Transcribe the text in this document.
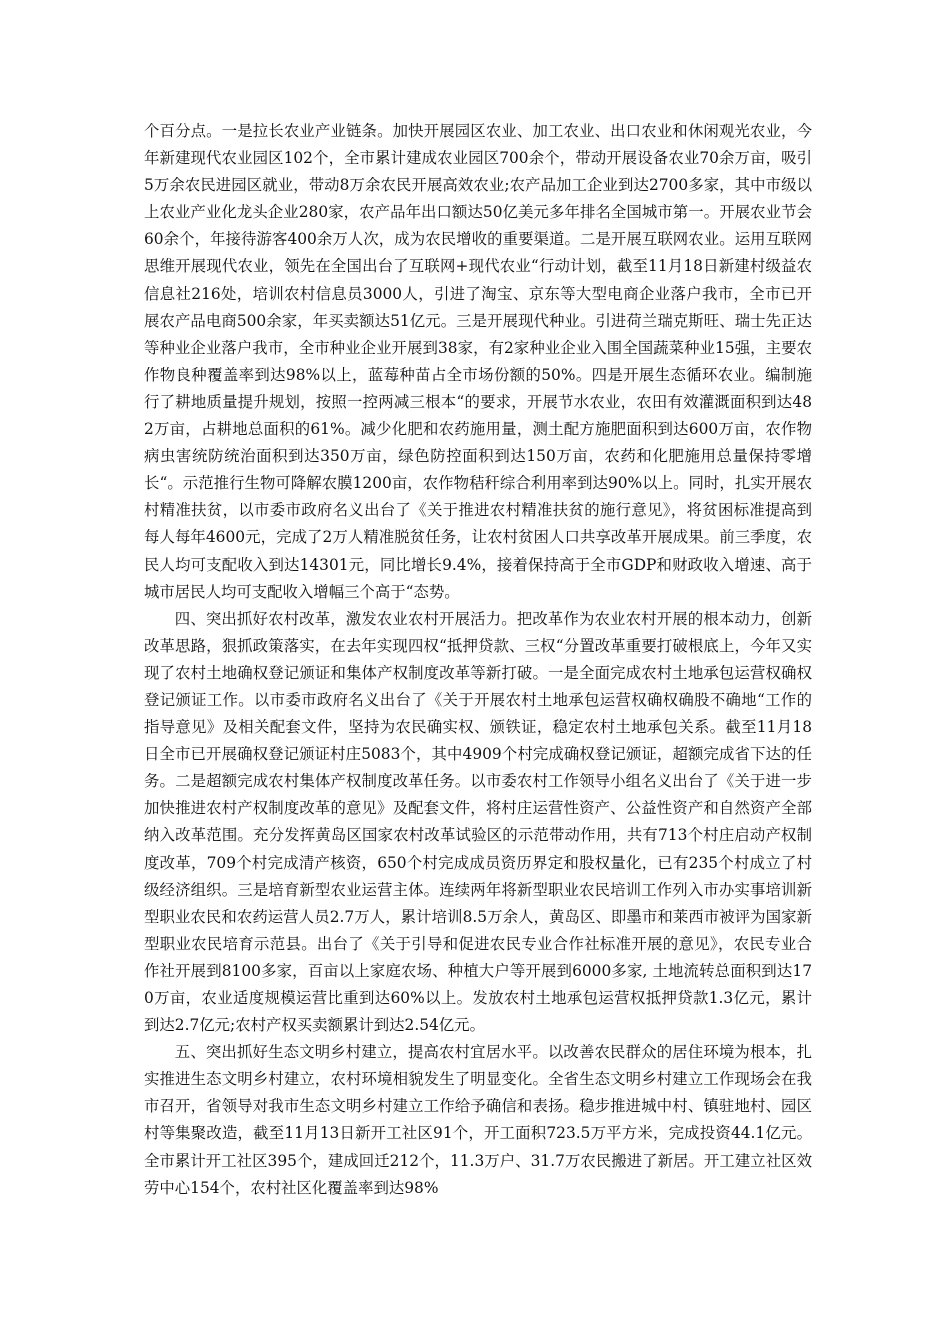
个百分点。一是拉长农业产业链条。加快开展园区农业、加工农业、出口农业和休闲观光农业，今年新建现代农业园区102个，全市累计建成农业园区700余个，带动开展设备农业70余万亩，吸引5万余农民进园区就业，带动8万余农民开展高效农业;农产品加工企业到达2700多家，其中市级以上农业产业化龙头企业280家，农产品年出口额达50亿美元多年排名全国城市第一。开展农业节会60余个，年接待游客400余万人次，成为农民增收的重要渠道。二是开展互联网农业。运用互联网思维开展现代农业，领先在全国出台了互联网+现代农业“行动计划，截至11月18日新建村级益农信息社216处，培训农村信息员3000人，引进了淘宝、京东等大型电商企业落户我市，全市已开展农产品电商500余家，年买卖额达51亿元。三是开展现代种业。引进荷兰瑞克斯旺、瑞士先正达等种业企业落户我市，全市种业企业开展到38家，有2家种业企业入围全国蔬菜种业15强，主要农作物良种覆盖率到达98%以上，蓝莓种苗占全市场份额的50%。四是开展生态循环农业。编制施行了耕地质量提升规划，按照一控两减三根本“的要求，开展节水农业，农田有效灌溉面积到达482万亩，占耕地总面积的61%。减少化肥和农药施用量，测土配方施肥面积到达600万亩，农作物病虫害统防统治面积到达350万亩，绿色防控面积到达150万亩，农药和化肥施用总量保持零增长“。示范推行生物可降解农膜1200亩，农作物秸秆综合利用率到达90%以上。同时，扎实开展农村精准扶贫，以市委市政府名义出台了《关于推进农村精准扶贫的施行意见》，将贫困标准提高到每人每年4600元，完成了2万人精准脱贫任务，让农村贫困人口共享改革开展成果。前三季度，农民人均可支配收入到达14301元，同比增长9.4%，接着保持高于全市GDP和财政收入增速、高于城市居民人均可支配收入增幅三个高于“态势。

四、突出抓好农村改革，激发农业农村开展活力。把改革作为农业农村开展的根本动力，创新改革思路，狠抓政策落实，在去年实现四权“抵押贷款、三权“分置改革重要打破根底上，今年又实现了农村土地确权登记颁证和集体产权制度改革等新打破。一是全面完成农村土地承包运营权确权登记颁证工作。以市委市政府名义出台了《关于开展农村土地承包运营权确权确股不确地“工作的指导意见》及相关配套文件，坚持为农民确实权、颁铁证，稳定农村土地承包关系。截至11月18日全市已开展确权登记颁证村庄5083个，其中4909个村完成确权登记颁证，超额完成省下达的任务。二是超额完成农村集体产权制度改革任务。以市委农村工作领导小组名义出台了《关于进一步加快推进农村产权制度改革的意见》及配套文件，将村庄运营性资产、公益性资产和自然资产全部纳入改革范围。充分发挥黄岛区国家农村改革试验区的示范带动作用，共有713个村庄启动产权制度改革，709个村完成清产核资，650个村完成成员资历界定和股权量化，已有235个村成立了村级经济组织。三是培育新型农业运营主体。连续两年将新型职业农民培训工作列入市办实事培训新型职业农民和农药运营人员2.7万人，累计培训8.5万余人，黄岛区、即墨市和莱西市被评为国家新型职业农民培育示范县。出台了《关于引导和促进农民专业合作社标准开展的意见》，农民专业合作社开展到8100多家，百亩以上家庭农场、种植大户等开展到6000多家, 土地流转总面积到达170万亩，农业适度规模运营比重到达60%以上。发放农村土地承包运营权抵押贷款1.3亿元，累计到达2.7亿元;农村产权买卖额累计到达2.54亿元。

五、突出抓好生态文明乡村建立，提高农村宜居水平。以改善农民群众的居住环境为根本，扎实推进生态文明乡村建立，农村环境相貌发生了明显变化。全省生态文明乡村建立工作现场会在我市召开，省领导对我市生态文明乡村建立工作给予确信和表扬。稳步推进城中村、镇驻地村、园区村等集聚改造，截至11月13日新开工社区91个，开工面积723.5万平方米，完成投资44.1亿元。全市累计开工社区395个，建成回迁212个，11.3万户、31.7万农民搬进了新居。开工建立社区效劳中心154个，农村社区化覆盖率到达98%
